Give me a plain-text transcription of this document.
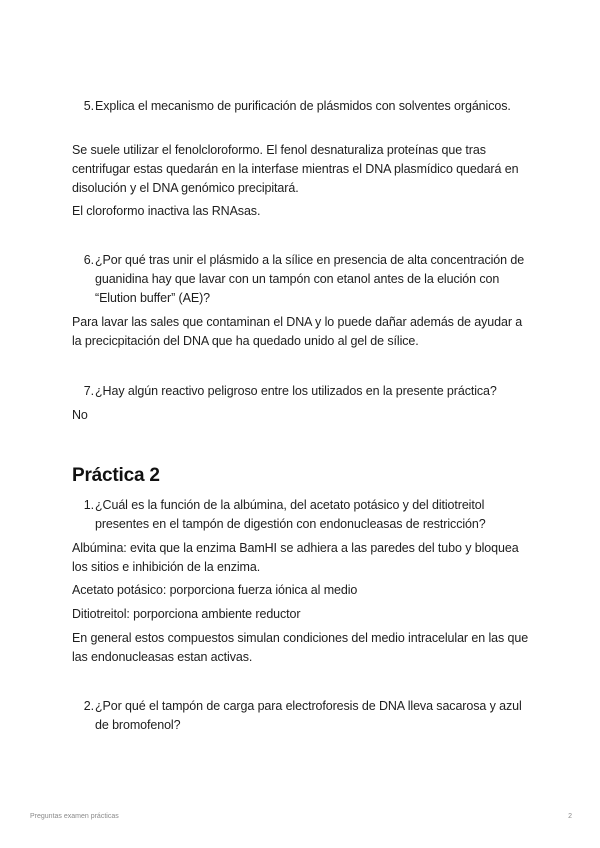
5. Explica el mecanismo de purificación de plásmidos con solventes orgánicos.
Se suele utilizar el fenolcloroformo. El fenol desnaturaliza proteínas que tras centrifugar estas quedarán en la interfase mientras el DNA plasmídico quedará en disolución y el DNA genómico precipitará.
El cloroformo inactiva las RNAsas.
6. ¿Por qué tras unir el plásmido a la sílice en presencia de alta concentración de guanidina hay que lavar con un tampón con etanol antes de la elución con “Elution buffer” (AE)?
Para lavar las sales que contaminan el DNA y lo puede dañar además de ayudar a la precicpitación del DNA que ha quedado unido al gel de sílice.
7. ¿Hay algún reactivo peligroso entre los utilizados en la presente práctica?
No
Práctica 2
1. ¿Cuál es la función de la albúmina, del acetato potásico y del ditiotreitol presentes en el tampón de digestión con endonucleasas de restricción?
Albúmina: evita que la enzima BamHI se adhiera a las paredes del tubo y bloquea los sitios e inhibición de la enzima.
Acetato potásico: porporciona fuerza iónica al medio
Ditiotreitol: porporciona ambiente reductor
En general estos compuestos simulan condiciones del medio intracelular en las que las endonucleasas estan activas.
2. ¿Por qué el tampón de carga para electroforesis de DNA lleva sacarosa y azul de bromofenol?
Preguntas examen prácticas	2
